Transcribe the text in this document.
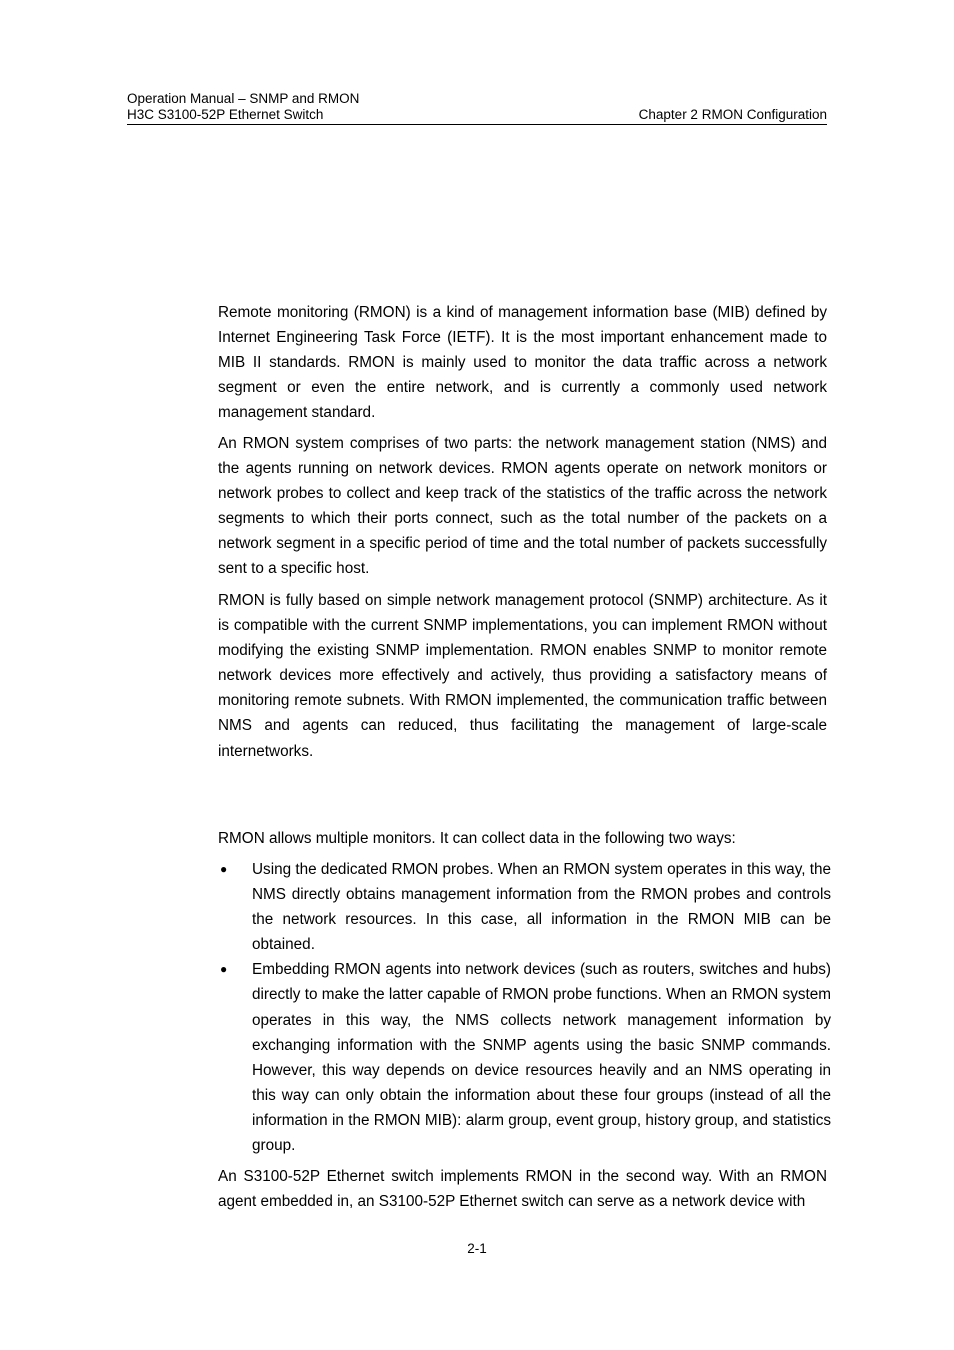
Operation Manual – SNMP and RMON
H3C S3100-52P Ethernet Switch	Chapter 2 RMON Configuration

Remote monitoring (RMON) is a kind of management information base (MIB) defined by Internet Engineering Task Force (IETF). It is the most important enhancement made to MIB II standards. RMON is mainly used to monitor the data traffic across a network segment or even the entire network, and is currently a commonly used network management standard.

An RMON system comprises of two parts: the network management station (NMS) and the agents running on network devices. RMON agents operate on network monitors or network probes to collect and keep track of the statistics of the traffic across the network segments to which their ports connect, such as the total number of the packets on a network segment in a specific period of time and the total number of packets successfully sent to a specific host.

RMON is fully based on simple network management protocol (SNMP) architecture. As it is compatible with the current SNMP implementations, you can implement RMON without modifying the existing SNMP implementation. RMON enables SNMP to monitor remote network devices more effectively and actively, thus providing a satisfactory means of monitoring remote subnets. With RMON implemented, the communication traffic between NMS and agents can reduced, thus facilitating the management of large-scale internetworks.

RMON allows multiple monitors. It can collect data in the following two ways:

● Using the dedicated RMON probes. When an RMON system operates in this way, the NMS directly obtains management information from the RMON probes and controls the network resources. In this case, all information in the RMON MIB can be obtained.
● Embedding RMON agents into network devices (such as routers, switches and hubs) directly to make the latter capable of RMON probe functions. When an RMON system operates in this way, the NMS collects network management information by exchanging information with the SNMP agents using the basic SNMP commands. However, this way depends on device resources heavily and an NMS operating in this way can only obtain the information about these four groups (instead of all the information in the RMON MIB): alarm group, event group, history group, and statistics group.

An S3100-52P Ethernet switch implements RMON in the second way. With an RMON agent embedded in, an S3100-52P Ethernet switch can serve as a network device with

2-1
